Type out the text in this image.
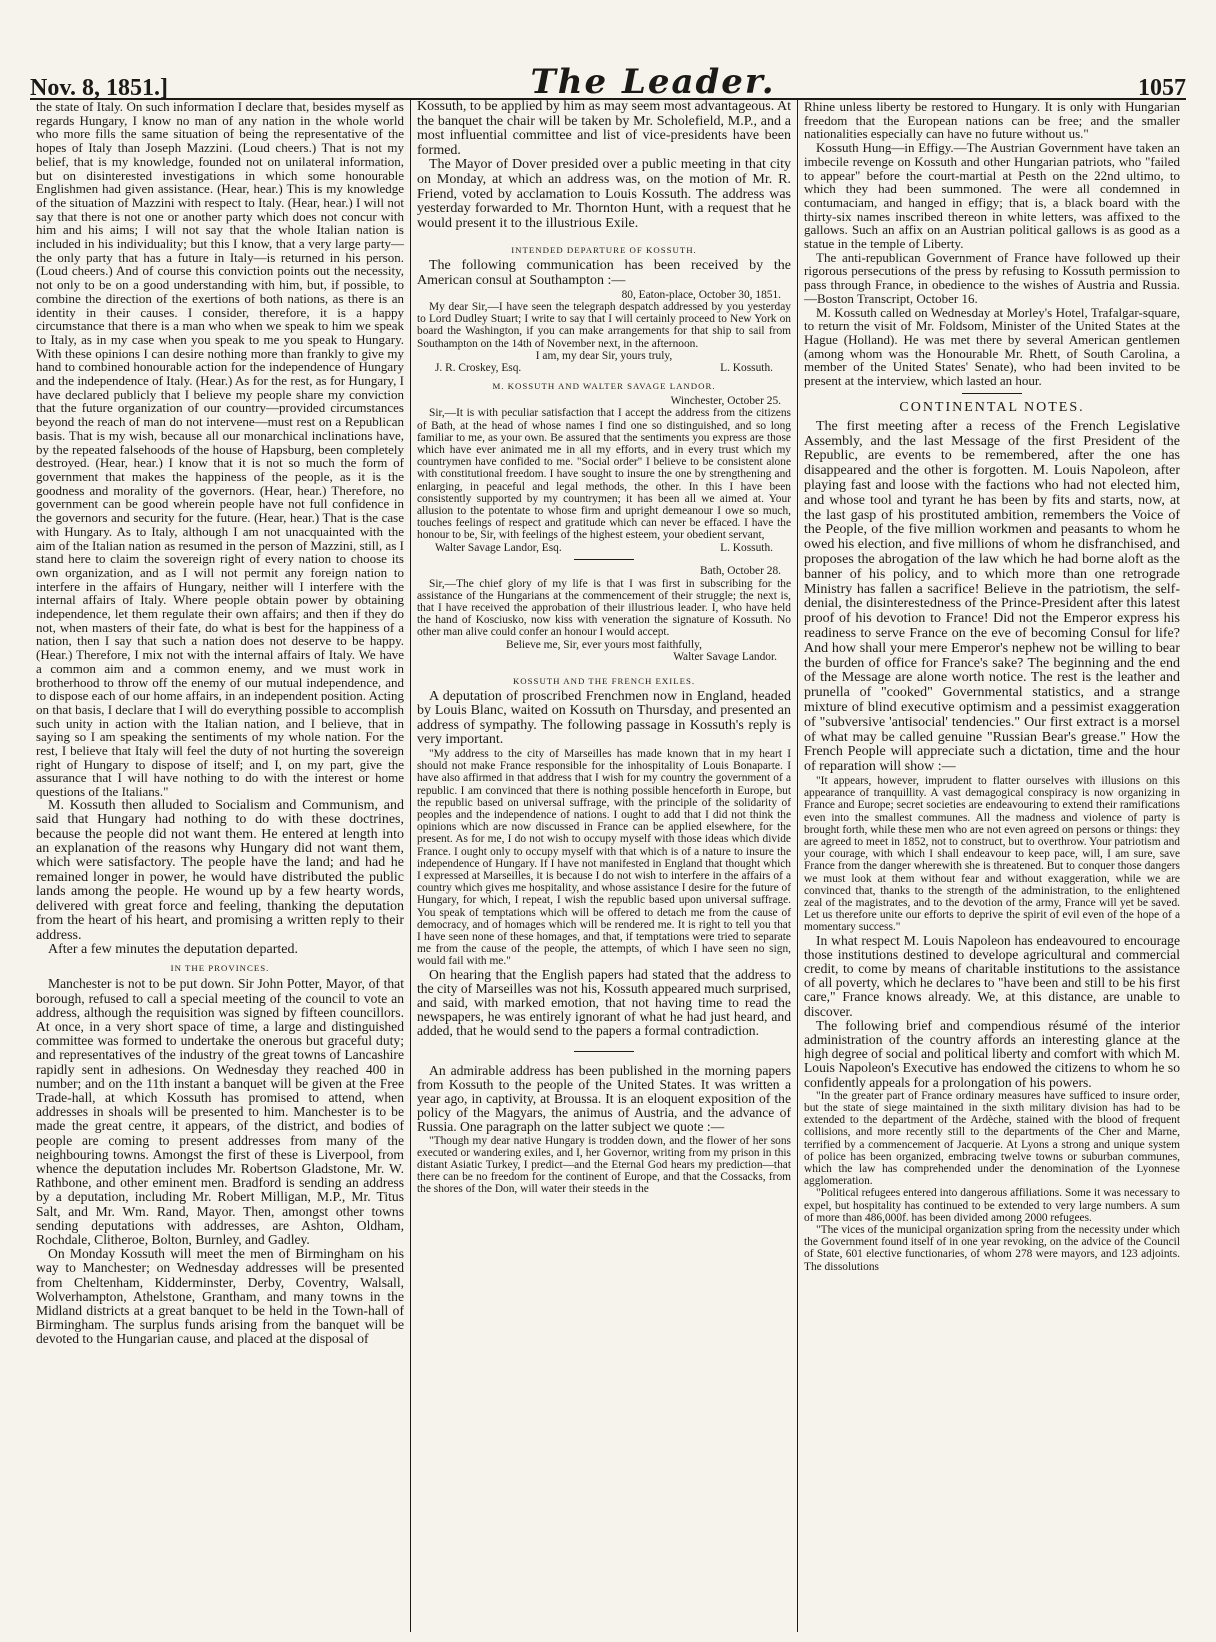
Nov. 8, 1851.]	The Leader.	1057

the state of Italy. On such information I declare that, besides myself as regards Hungary, I know no man of any nation in the whole world who more fills the same situation of being the representative of the hopes of Italy than Joseph Mazzini. (Loud cheers.) That is not my belief, that is my knowledge, founded not on unilateral information, but on disinterested investigations in which some honourable Englishmen had given assistance. (Hear, hear.) This is my knowledge of the situation of Mazzini with respect to Italy. (Hear, hear.) I will not say that there is not one or another party which does not concur with him and his aims; I will not say that the whole Italian nation is included in his individuality; but this I know, that a very large party—the only party that has a future in Italy—is returned in his person. (Loud cheers.) And of course this conviction points out the necessity, not only to be on a good understanding with him, but, if possible, to combine the direction of the exertions of both nations, as there is an identity in their causes. I consider, therefore, it is a happy circumstance that there is a man who when we speak to him we speak to Italy, as in my case when you speak to me you speak to Hungary. With these opinions I can desire nothing more than frankly to give my hand to combined honourable action for the independence of Hungary and the independence of Italy. (Hear.) As for the rest, as for Hungary, I have declared publicly that I believe my people share my conviction that the future organization of our country—provided circumstances beyond the reach of man do not intervene—must rest on a Republican basis. That is my wish, because all our monarchical inclinations have, by the repeated falsehoods of the house of Hapsburg, been completely destroyed. (Hear, hear.) I know that it is not so much the form of government that makes the happiness of the people, as it is the goodness and morality of the governors. (Hear, hear.) Therefore, no government can be good wherein people have not full confidence in the governors and security for the future. (Hear, hear.) That is the case with Hungary. As to Italy, although I am not unacquainted with the aim of the Italian nation as resumed in the person of Mazzini, still, as I stand here to claim the sovereign right of every nation to choose its own organization, and as I will not permit any foreign nation to interfere in the affairs of Hungary, neither will I interfere with the internal affairs of Italy. Where people obtain power by obtaining independence, let them regulate their own affairs; and then if they do not, when masters of their fate, do what is best for the happiness of a nation, then I say that such a nation does not deserve to be happy. (Hear.) Therefore, I mix not with the internal affairs of Italy. We have a common aim and a common enemy, and we must work in brotherhood to throw off the enemy of our mutual independence, and to dispose each of our home affairs, in an independent position. Acting on that basis, I declare that I will do everything possible to accomplish such unity in action with the Italian nation, and I believe, that in saying so I am speaking the sentiments of my whole nation. For the rest, I believe that Italy will feel the duty of not hurting the sovereign right of Hungary to dispose of itself; and I, on my part, give the assurance that I will have nothing to do with the interest or home questions of the Italians."

M. Kossuth then alluded to Socialism and Communism, and said that Hungary had nothing to do with these doctrines, because the people did not want them. He entered at length into an explanation of the reasons why Hungary did not want them, which were satisfactory. The people have the land; and had he remained longer in power, he would have distributed the public lands among the people. He wound up by a few hearty words, delivered with great force and feeling, thanking the deputation from the heart of his heart, and promising a written reply to their address.

After a few minutes the deputation departed.

IN THE PROVINCES.

Manchester is not to be put down. Sir John Potter, Mayor, of that borough, refused to call a special meeting of the council to vote an address, although the requisition was signed by fifteen councillors. At once, in a very short space of time, a large and distinguished committee was formed to undertake the onerous but graceful duty; and representatives of the industry of the great towns of Lancashire rapidly sent in adhesions. On Wednesday they reached 400 in number; and on the 11th instant a banquet will be given at the Free Trade-hall, at which Kossuth has promised to attend, when addresses in shoals will be presented to him. Manchester is to be made the great centre, it appears, of the district, and bodies of people are coming to present addresses from many of the neighbouring towns. Amongst the first of these is Liverpool, from whence the deputation includes Mr. Robertson Gladstone, Mr. W. Rathbone, and other eminent men. Bradford is sending an address by a deputation, including Mr. Robert Milligan, M.P., Mr. Titus Salt, and Mr. Wm. Rand, Mayor. Then, amongst other towns sending deputations with addresses, are Ashton, Oldham, Rochdale, Clitheroe, Bolton, Burnley, and Gadley.

On Monday Kossuth will meet the men of Birmingham on his way to Manchester; on Wednesday addresses will be presented from Cheltenham, Kidderminster, Derby, Coventry, Walsall, Wolverhampton, Athelstone, Grantham, and many towns in the Midland districts at a great banquet to be held in the Town-hall of Birmingham. The surplus funds arising from the banquet will be devoted to the Hungarian cause, and placed at the disposal of

Kossuth, to be applied by him as may seem most advantageous. At the banquet the chair will be taken by Mr. Scholefield, M.P., and a most influential committee and list of vice-presidents have been formed.

The Mayor of Dover presided over a public meeting in that city on Monday, at which an address was, on the motion of Mr. R. Friend, voted by acclamation to Louis Kossuth. The address was yesterday forwarded to Mr. Thornton Hunt, with a request that he would present it to the illustrious Exile.

INTENDED DEPARTURE OF KOSSUTH.

The following communication has been received by the American consul at Southampton :—

80, Eaton-place, October 30, 1851.

My dear Sir,—I have seen the telegraph despatch addressed by you yesterday to Lord Dudley Stuart; I write to say that I will certainly proceed to New York on board the Washington, if you can make arrangements for that ship to sail from Southampton on the 14th of November next, in the afternoon.

I am, my dear Sir, yours truly,
J. R. Croskey, Esq.	L. Kossuth.
M. KOSSUTH AND WALTER SAVAGE LANDOR.
Winchester, October 25.

Sir,—It is with peculiar satisfaction that I accept the address from the citizens of Bath, at the head of whose names I find one so distinguished, and so long familiar to me, as your own. Be assured that the sentiments you express are those which have ever animated me in all my efforts, and in every trust which my countrymen have confided to me. "Social order" I believe to be consistent alone with constitutional freedom. I have sought to insure the one by strengthening and enlarging, in peaceful and legal methods, the other. In this I have been consistently supported by my countrymen; it has been all we aimed at. Your allusion to the potentate to whose firm and upright demeanour I owe so much, touches feelings of respect and gratitude which can never be effaced. I have the honour to be, Sir, with feelings of the highest esteem, your obedient servant,

Walter Savage Landor, Esq.	L. Kossuth.
Bath, October 28.

Sir,—The chief glory of my life is that I was first in subscribing for the assistance of the Hungarians at the commencement of their struggle; the next is, that I have received the approbation of their illustrious leader. I, who have held the hand of Kosciusko, now kiss with veneration the signature of Kossuth. No other man alive could confer an honour I would accept.

Believe me, Sir, ever yours most faithfully,
Walter Savage Landor.
KOSSUTH AND THE FRENCH EXILES.

A deputation of proscribed Frenchmen now in England, headed by Louis Blanc, waited on Kossuth on Thursday, and presented an address of sympathy. The following passage in Kossuth's reply is very important.

"My address to the city of Marseilles has made known that in my heart I should not make France responsible for the inhospitality of Louis Bonaparte. I have also affirmed in that address that I wish for my country the government of a republic. I am convinced that there is nothing possible henceforth in Europe, but the republic based on universal suffrage, with the principle of the solidarity of peoples and the independence of nations. I ought to add that I did not think the opinions which are now discussed in France can be applied elsewhere, for the present. As for me, I do not wish to occupy myself with those ideas which divide France. I ought only to occupy myself with that which is of a nature to insure the independence of Hungary. If I have not manifested in England that thought which I expressed at Marseilles, it is because I do not wish to interfere in the affairs of a country which gives me hospitality, and whose assistance I desire for the future of Hungary, for which, I repeat, I wish the republic based upon universal suffrage. You speak of temptations which will be offered to detach me from the cause of democracy, and of homages which will be rendered me. It is right to tell you that I have seen none of these homages, and that, if temptations were tried to separate me from the cause of the people, the attempts, of which I have seen no sign, would fail with me."

On hearing that the English papers had stated that the address to the city of Marseilles was not his, Kossuth appeared much surprised, and said, with marked emotion, that not having time to read the newspapers, he was entirely ignorant of what he had just heard, and added, that he would send to the papers a formal contradiction.

An admirable address has been published in the morning papers from Kossuth to the people of the United States. It was written a year ago, in captivity, at Broussa. It is an eloquent exposition of the policy of the Magyars, the animus of Austria, and the advance of Russia. One paragraph on the latter subject we quote :—

"Though my dear native Hungary is trodden down, and the flower of her sons executed or wandering exiles, and I, her Governor, writing from my prison in this distant Asiatic Turkey, I predict—and the Eternal God hears my prediction—that there can be no freedom for the continent of Europe, and that the Cossacks, from the shores of the Don, will water their steeds in the

Rhine unless liberty be restored to Hungary. It is only with Hungarian freedom that the European nations can be free; and the smaller nationalities especially can have no future without us."

Kossuth Hung—in Effigy.—The Austrian Government have taken an imbecile revenge on Kossuth and other Hungarian patriots, who "failed to appear" before the court-martial at Pesth on the 22nd ultimo, to which they had been summoned. The were all condemned in contumaciam, and hanged in effigy; that is, a black board with the thirty-six names inscribed thereon in white letters, was affixed to the gallows. Such an affix on an Austrian political gallows is as good as a statue in the temple of Liberty.

The anti-republican Government of France have followed up their rigorous persecutions of the press by refusing to Kossuth permission to pass through France, in obedience to the wishes of Austria and Russia.—Boston Transcript, October 16.

M. Kossuth called on Wednesday at Morley's Hotel, Trafalgar-square, to return the visit of Mr. Foldsom, Minister of the United States at the Hague (Holland). He was met there by several American gentlemen (among whom was the Honourable Mr. Rhett, of South Carolina, a member of the United States' Senate), who had been invited to be present at the interview, which lasted an hour.

CONTINENTAL NOTES.

The first meeting after a recess of the French Legislative Assembly, and the last Message of the first President of the Republic, are events to be remembered, after the one has disappeared and the other is forgotten. M. Louis Napoleon, after playing fast and loose with the factions who had not elected him, and whose tool and tyrant he has been by fits and starts, now, at the last gasp of his prostituted ambition, remembers the Voice of the People, of the five million workmen and peasants to whom he owed his election, and five millions of whom he disfranchised, and proposes the abrogation of the law which he had borne aloft as the banner of his policy, and to which more than one retrograde Ministry has fallen a sacrifice! Believe in the patriotism, the self-denial, the disinterestedness of the Prince-President after this latest proof of his devotion to France! Did not the Emperor express his readiness to serve France on the eve of becoming Consul for life? And how shall your mere Emperor's nephew not be willing to bear the burden of office for France's sake? The beginning and the end of the Message are alone worth notice. The rest is the leather and prunella of "cooked" Governmental statistics, and a strange mixture of blind executive optimism and a pessimist exaggeration of "subversive 'antisocial' tendencies." Our first extract is a morsel of what may be called genuine "Russian Bear's grease." How the French People will appreciate such a dictation, time and the hour of reparation will show :—

"It appears, however, imprudent to flatter ourselves with illusions on this appearance of tranquillity. A vast demagogical conspiracy is now organizing in France and Europe; secret societies are endeavouring to extend their ramifications even into the smallest communes. All the madness and violence of party is brought forth, while these men who are not even agreed on persons or things: they are agreed to meet in 1852, not to construct, but to overthrow. Your patriotism and your courage, with which I shall endeavour to keep pace, will, I am sure, save France from the danger wherewith she is threatened. But to conquer those dangers we must look at them without fear and without exaggeration, while we are convinced that, thanks to the strength of the administration, to the enlightened zeal of the magistrates, and to the devotion of the army, France will yet be saved. Let us therefore unite our efforts to deprive the spirit of evil even of the hope of a momentary success."

In what respect M. Louis Napoleon has endeavoured to encourage those institutions destined to develope agricultural and commercial credit, to come by means of charitable institutions to the assistance of all poverty, which he declares to "have been and still to be his first care," France knows already. We, at this distance, are unable to discover.

The following brief and compendious résumé of the interior administration of the country affords an interesting glance at the high degree of social and political liberty and comfort with which M. Louis Napoleon's Executive has endowed the citizens to whom he so confidently appeals for a prolongation of his powers.

"In the greater part of France ordinary measures have sufficed to insure order, but the state of siege maintained in the sixth military division has had to be extended to the department of the Ardèche, stained with the blood of frequent collisions, and more recently still to the departments of the Cher and Marne, terrified by a commencement of Jacquerie. At Lyons a strong and unique system of police has been organized, embracing twelve towns or suburban communes, which the law has comprehended under the denomination of the Lyonnese agglomeration.

"Political refugees entered into dangerous affiliations. Some it was necessary to expel, but hospitality has continued to be extended to very large numbers. A sum of more than 486,000f. has been divided among 2000 refugees.

"The vices of the municipal organization spring from the necessity under which the Government found itself of in one year revoking, on the advice of the Council of State, 601 elective functionaries, of whom 278 were mayors, and 123 adjoints. The dissolutions
